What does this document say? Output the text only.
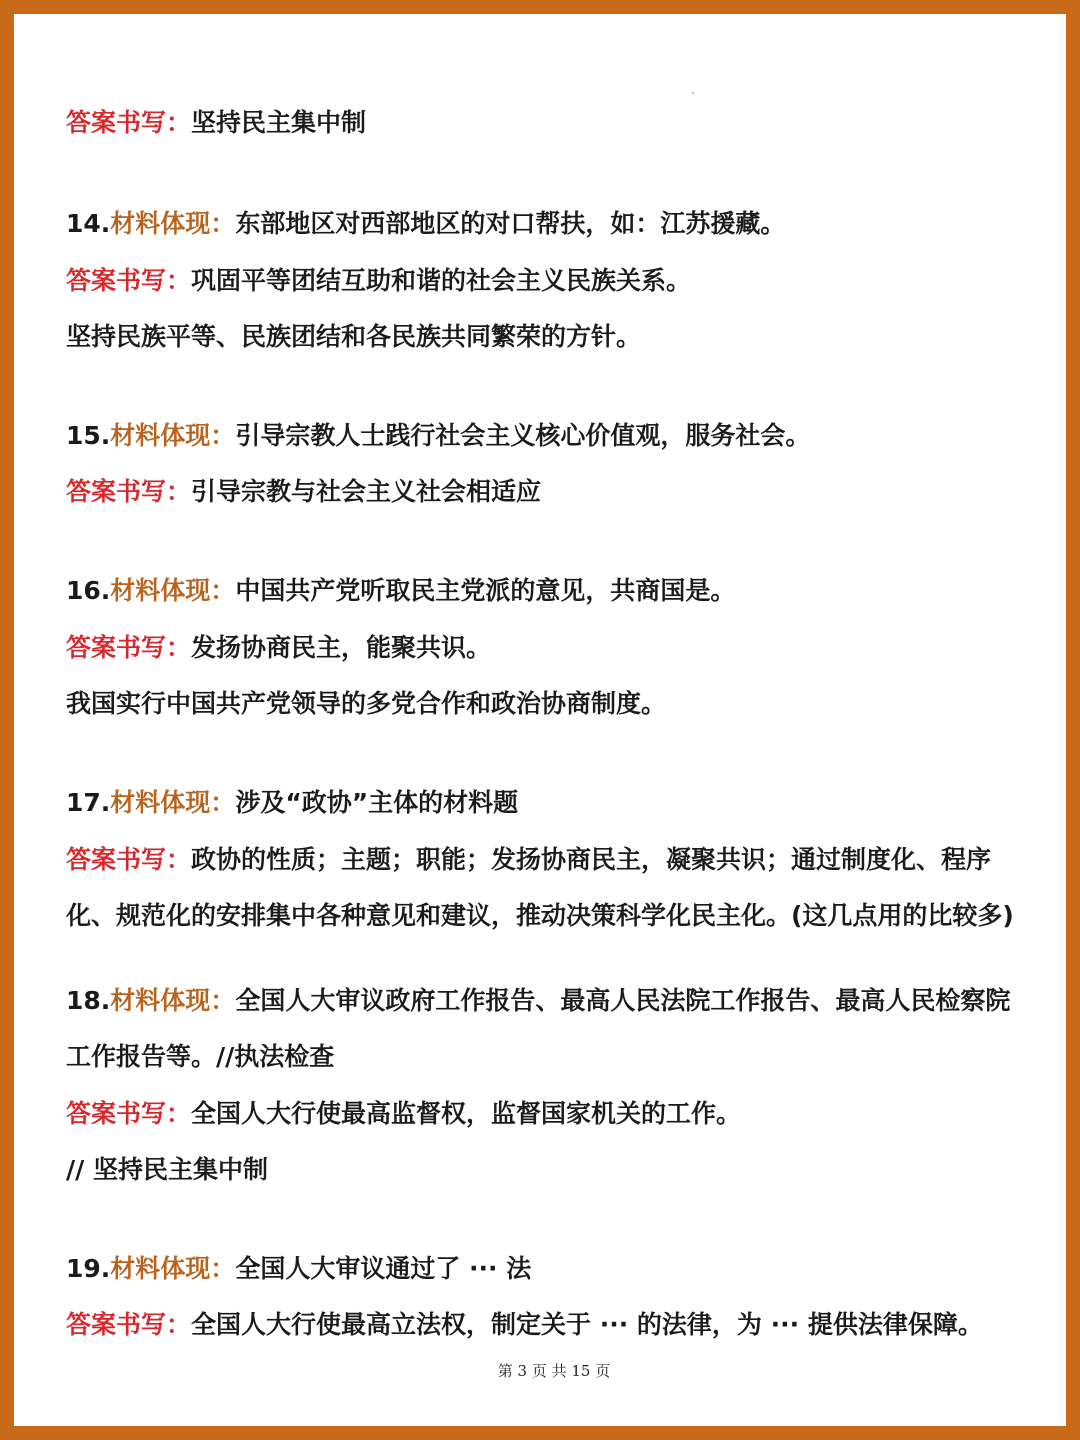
答案书写：坚持民主集中制
14.材料体现：东部地区对西部地区的对口帮扶，如：江苏援藏。
答案书写：巩固平等团结互助和谐的社会主义民族关系。
坚持民族平等、民族团结和各民族共同繁荣的方针。
15.材料体现：引导宗教人士践行社会主义核心价值观，服务社会。
答案书写：引导宗教与社会主义社会相适应
16.材料体现：中国共产党听取民主党派的意见，共商国是。
答案书写：发扬协商民主，能聚共识。
我国实行中国共产党领导的多党合作和政治协商制度。
17.材料体现：涉及“政协”主体的材料题
答案书写：政协的性质；主题；职能；发扬协商民主，凝聚共识；通过制度化、程序
化、规范化的安排集中各种意见和建议，推动决策科学化民主化。(这几点用的比较多)
18.材料体现：全国人大审议政府工作报告、最高人民法院工作报告、最高人民检察院
工作报告等。//执法检查
答案书写：全国人大行使最高监督权，监督国家机关的工作。
// 坚持民主集中制
19.材料体现：全国人大审议通过了 ··· 法
答案书写：全国人大行使最高立法权，制定关于 ··· 的法律，为 ··· 提供法律保障。
第 3 页 共 15 页
